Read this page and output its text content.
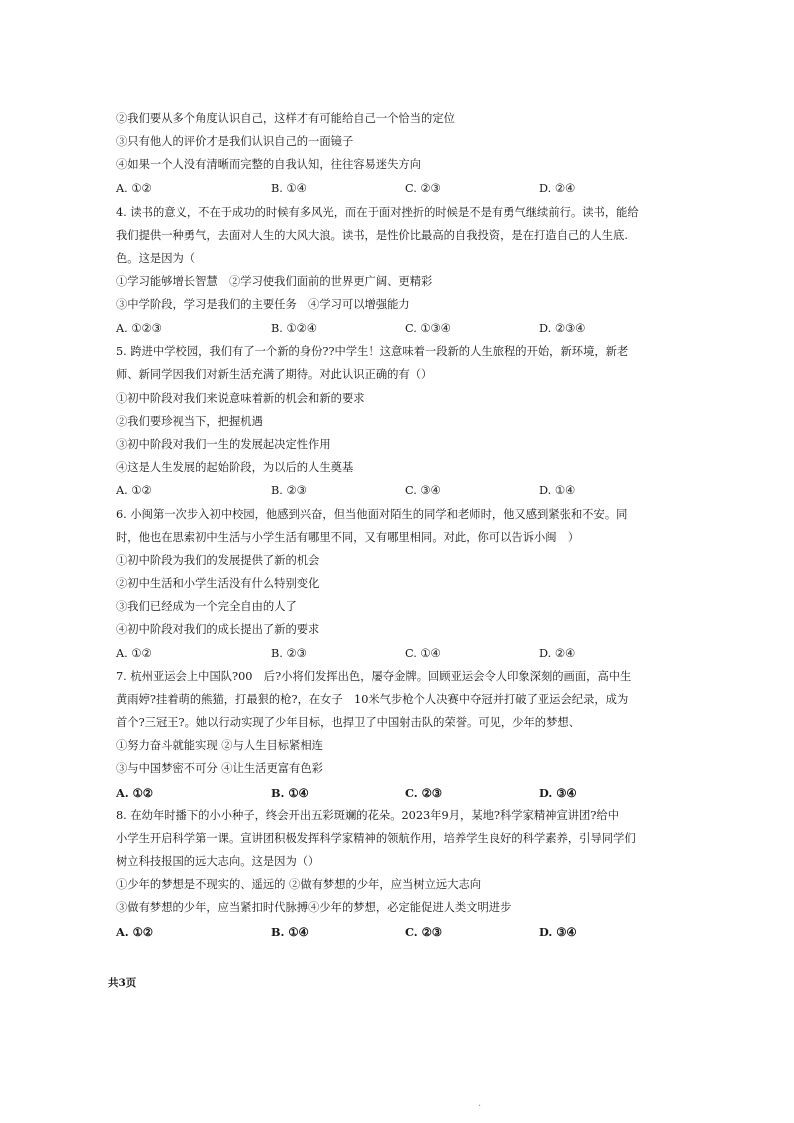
②我们要从多个角度认识自己，这样才有可能给自己一个恰当的定位
③只有他人的评价才是我们认识自己的一面镜子
④如果一个人没有清晰而完整的自我认知，往往容易迷失方向
A. ①②	B. ①④	C. ②③	D. ②④
4. 读书的意义，不在于成功的时候有多风光，而在于面对挫折的时候是不是有勇气继续前行。读书，能给
我们提供一种勇气，去面对人生的大风大浪。读书，是性价比最高的自我投资，是在打造自己的人生底.
色。这是因为（
①学习能够增长智慧　②学习使我们面前的世界更广阔、更精彩
③中学阶段，学习是我们的主要任务　④学习可以增强能力
A. ①②③	B. ①②④	C. ①③④	D. ②③④
5. 跨进中学校园，我们有了一个新的身份??中学生！这意味着一段新的人生旅程的开始，新环境，新老
师、新同学因我们对新生活充满了期待。对此认识正确的有（）
①初中阶段对我们来说意味着新的机会和新的要求
②我们要珍视当下，把握机遇
③初中阶段对我们一生的发展起决定性作用
④这是人生发展的起始阶段，为以后的人生奠基
A. ①②	B. ②③	C. ③④	D. ①④
6. 小闽第一次步入初中校园，他感到兴奋，但当他面对陌生的同学和老师时，他又感到紧张和不安。同
时，他也在思索初中生活与小学生活有哪里不同，又有哪里相同。对此，你可以告诉小闽　）
①初中阶段为我们的发展提供了新的机会
②初中生活和小学生活没有什么特别变化
③我们已经成为一个完全自由的人了
④初中阶段对我们的成长提出了新的要求
A. ①②	B. ②③	C. ①④	D. ②④
7. 杭州亚运会上中国队?00　后?小将们发挥出色，屡夺金牌。回顾亚运会令人印象深刻的画面，高中生
黄雨婷?挂着萌的熊猫，打最狠的枪?，在女子　10米气步枪个人决赛中夺冠并打破了亚运会纪录，成为
首个?三冠王?。她以行动实现了少年目标，也捍卫了中国射击队的荣誉。可见，少年的梦想、
①努力奋斗就能实现 ②与人生目标紧相连
③与中国梦密不可分 ④让生活更富有色彩
A. ①②	B. ①④	C. ②③	D. ③④
8. 在幼年时播下的小小种子，终会开出五彩斑斓的花朵。2023年9月，某地?科学家精神宣讲团?给中
小学生开启科学第一课。宣讲团积极发挥科学家精神的领航作用，培养学生良好的科学素养，引导同学们
树立科技报国的远大志向。这是因为（）
①少年的梦想是不现实的、遥远的 ②做有梦想的少年，应当树立远大志向
③做有梦想的少年，应当紧扣时代脉搏④少年的梦想，必定能促进人类文明进步
A. ①②	B. ①④	C. ②③	D. ③④
共3页
.
